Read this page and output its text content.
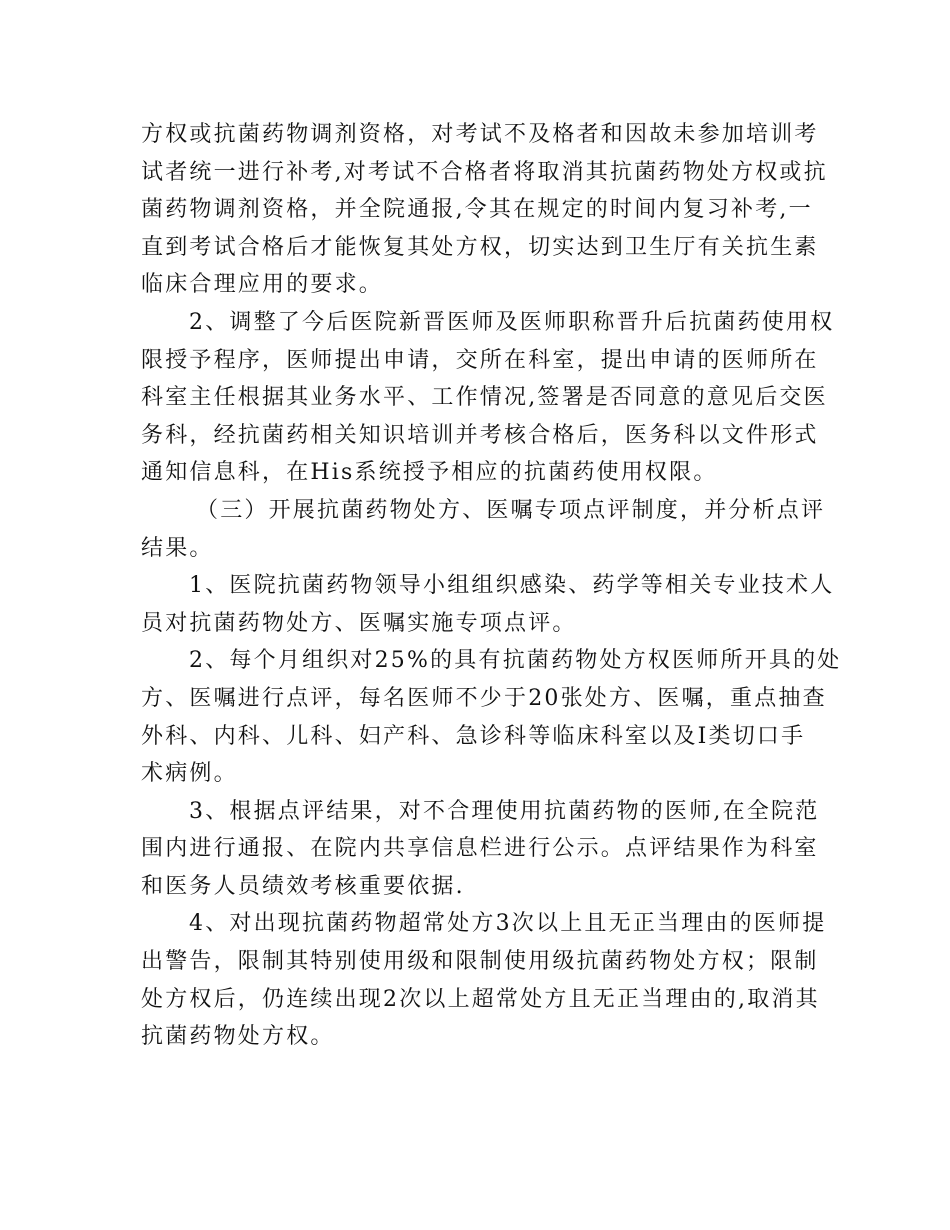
方权或抗菌药物调剂资格，对考试不及格者和因故未参加培训考
试者统一进行补考,对考试不合格者将取消其抗菌药物处方权或抗
菌药物调剂资格，并全院通报,令其在规定的时间内复习补考,一
直到考试合格后才能恢复其处方权，切实达到卫生厅有关抗生素
临床合理应用的要求。
2、调整了今后医院新晋医师及医师职称晋升后抗菌药使用权
限授予程序，医师提出申请，交所在科室，提出申请的医师所在
科室主任根据其业务水平、工作情况,签署是否同意的意见后交医
务科，经抗菌药相关知识培训并考核合格后，医务科以文件形式
通知信息科，在His系统授予相应的抗菌药使用权限。
（三）开展抗菌药物处方、医嘱专项点评制度，并分析点评
结果。
1、医院抗菌药物领导小组组织感染、药学等相关专业技术人
员对抗菌药物处方、医嘱实施专项点评。
2、每个月组织对25%的具有抗菌药物处方权医师所开具的处
方、医嘱进行点评，每名医师不少于20张处方、医嘱，重点抽查
外科、内科、儿科、妇产科、急诊科等临床科室以及I类切口手
术病例。
3、根据点评结果，对不合理使用抗菌药物的医师,在全院范
围内进行通报、在院内共享信息栏进行公示。点评结果作为科室
和医务人员绩效考核重要依据.
4、对出现抗菌药物超常处方3次以上且无正当理由的医师提
出警告，限制其特别使用级和限制使用级抗菌药物处方权；限制
处方权后，仍连续出现2次以上超常处方且无正当理由的,取消其
抗菌药物处方权。
